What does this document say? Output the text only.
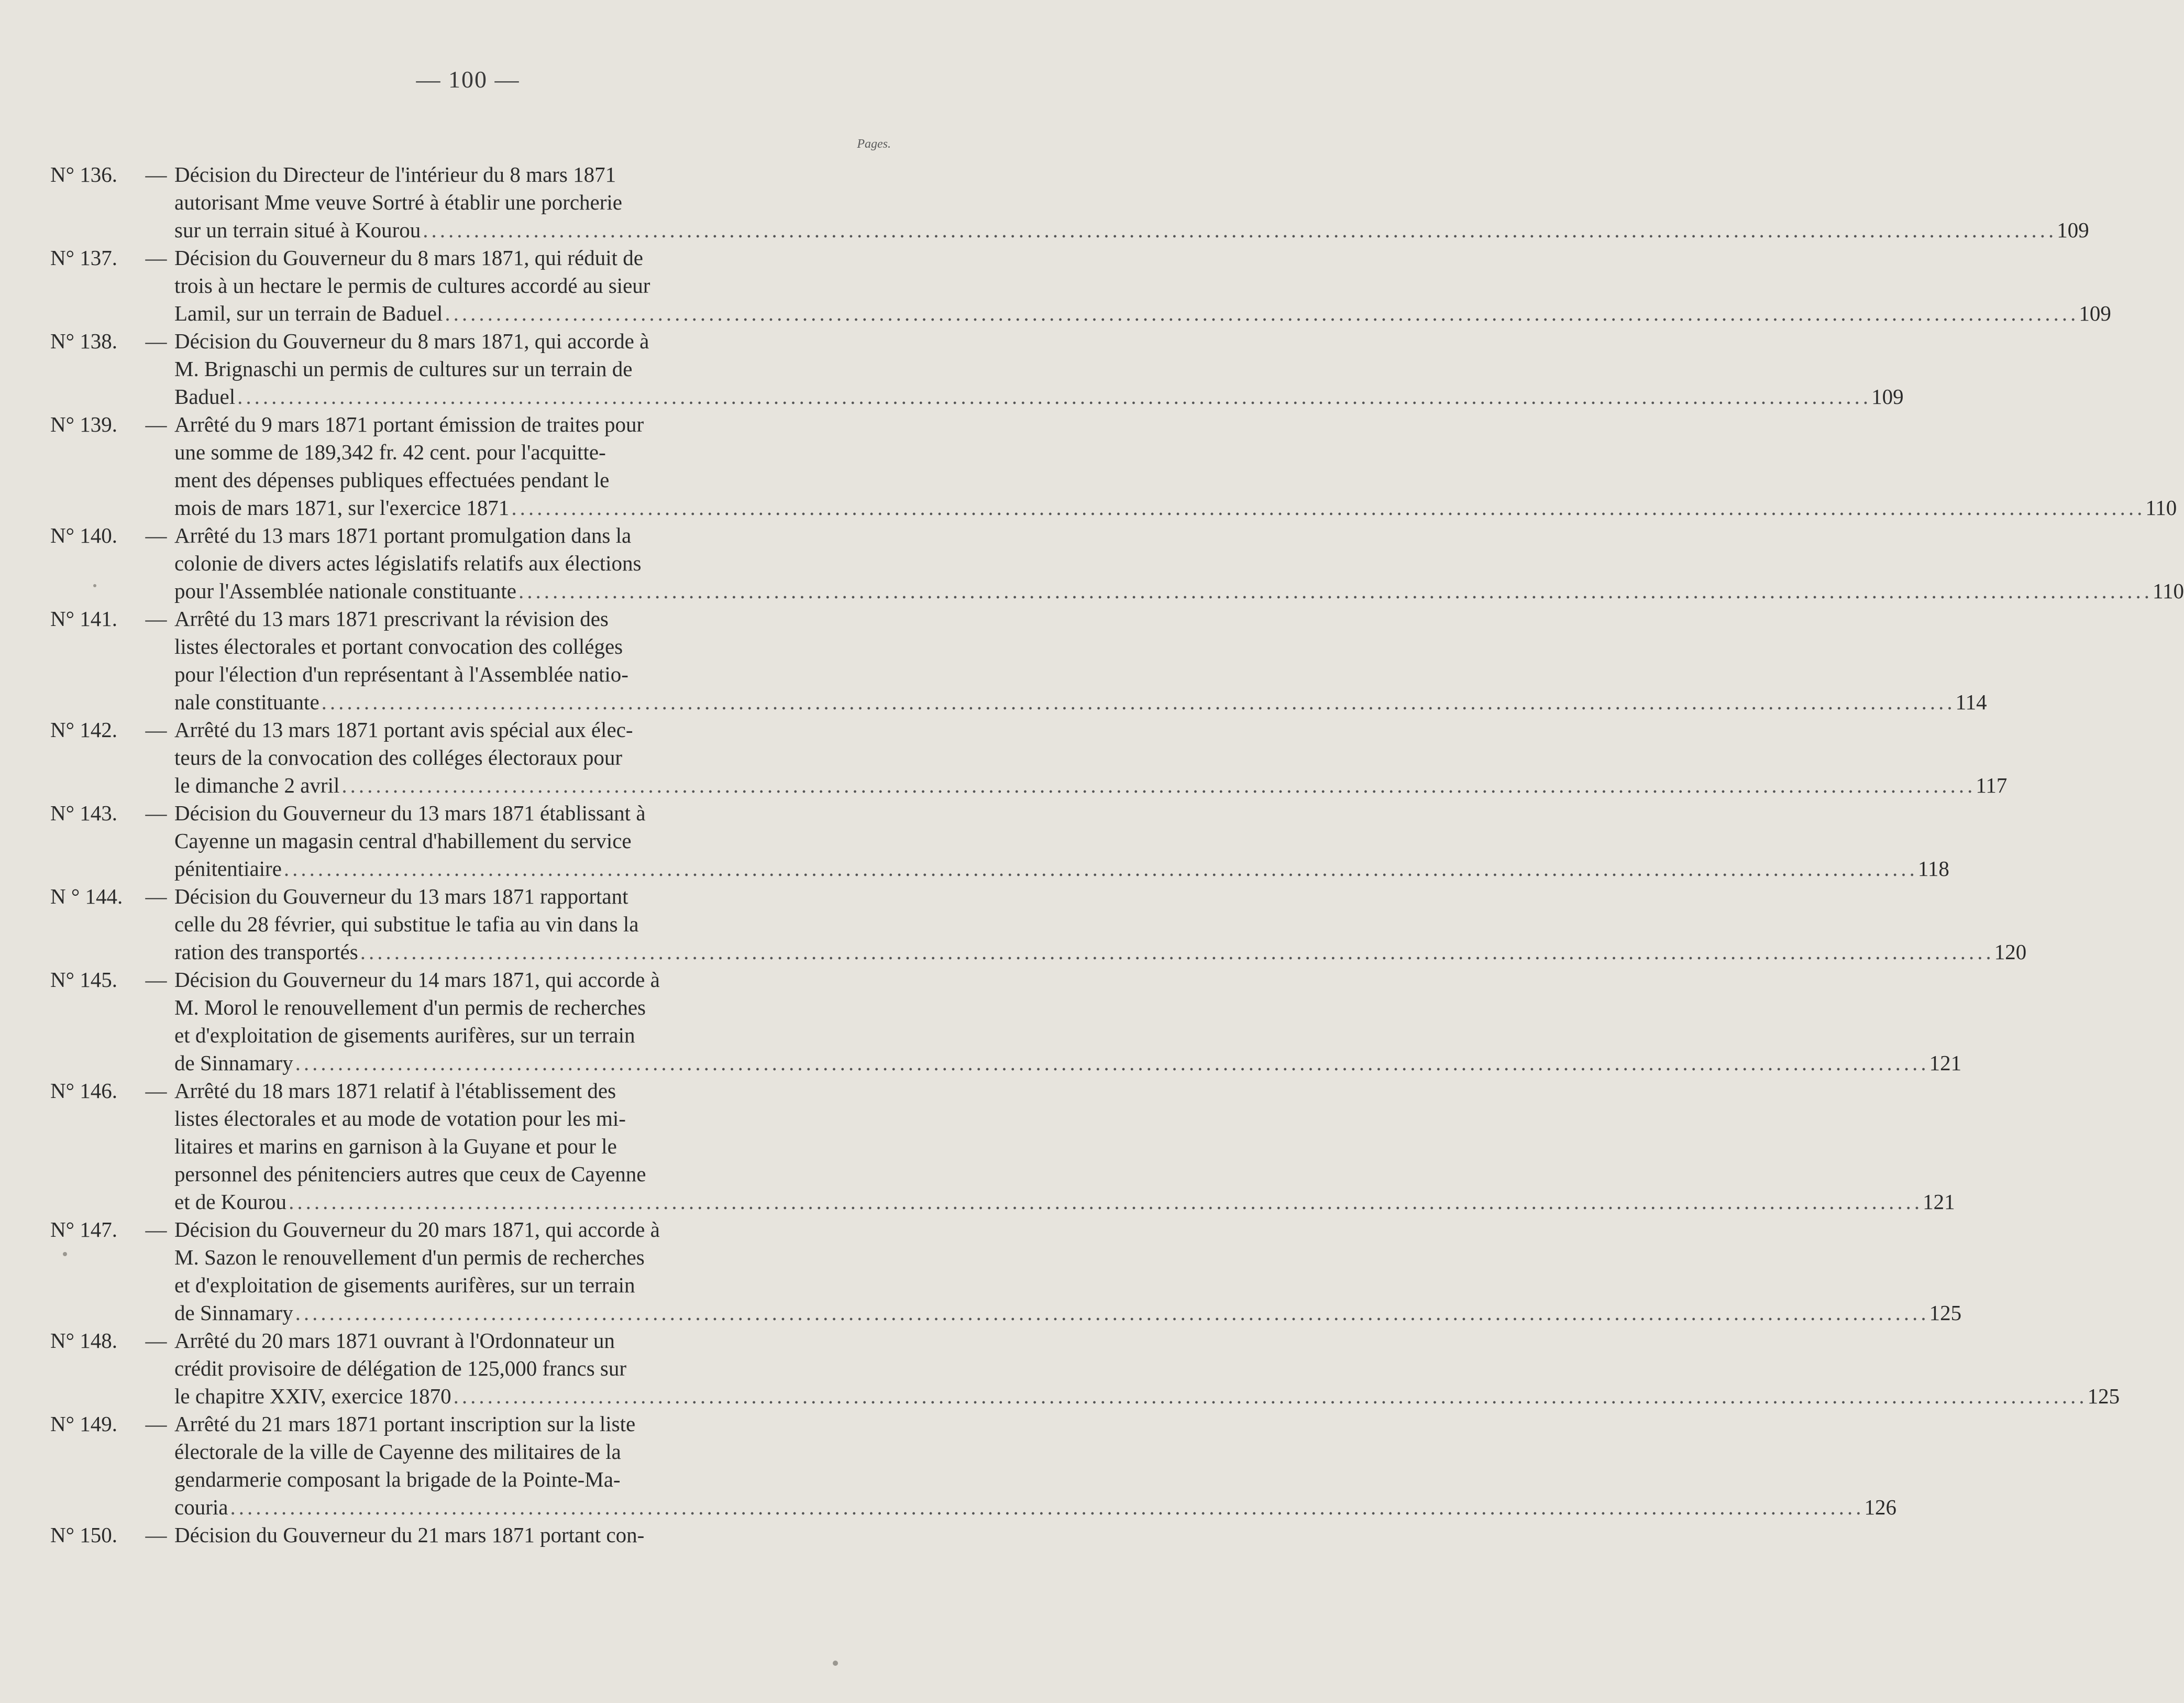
— 100 —
Pages.
N° 136.	— Décision du Directeur de l'intérieur du 8 mars 1871
autorisant Mme veuve Sortré à établir une porcherie
sur un terrain situé à Kourou .....	109
N° 137.	— Décision du Gouverneur du 8 mars 1871, qui réduit de
trois à un hectare le permis de cultures accordé au sieur
Lamil, sur un terrain de Baduel .....	109
N° 138.	— Décision du Gouverneur du 8 mars 1871, qui accorde à
M. Brignaschi un permis de cultures sur un terrain de
Baduel .....	109
N° 139.	— Arrêté du 9 mars 1871 portant émission de traites pour
une somme de 189,342 fr. 42 cent. pour l'acquitte-
ment des dépenses publiques effectuées pendant le
mois de mars 1871, sur l'exercice 1871 .....	110
N° 140.	— Arrêté du 13 mars 1871 portant promulgation dans la
colonie de divers actes législatifs relatifs aux élections
pour l'Assemblée nationale constituante .....	110
N° 141.	— Arrêté du 13 mars 1871 prescrivant la révision des
listes électorales et portant convocation des colléges
pour l'élection d'un représentant à l'Assemblée natio-
nale constituante .....	114
N° 142.	— Arrêté du 13 mars 1871 portant avis spécial aux élec-
teurs de la convocation des colléges électoraux pour
le dimanche 2 avril .....	117
N° 143.	— Décision du Gouverneur du 13 mars 1871 établissant à
Cayenne un magasin central d'habillement du service
pénitentiaire .....	118
N ° 144.	— Décision du Gouverneur du 13 mars 1871 rapportant
celle du 28 février, qui substitue le tafia au vin dans la
ration des transportés .....	120
N° 145.	— Décision du Gouverneur du 14 mars 1871, qui accorde à
M. Morol le renouvellement d'un permis de recherches
et d'exploitation de gisements aurifères, sur un terrain
de Sinnamary .....	121
N° 146.	— Arrêté du 18 mars 1871 relatif à l'établissement des
listes électorales et au mode de votation pour les mi-
litaires et marins en garnison à la Guyane et pour le
personnel des pénitenciers autres que ceux de Cayenne
et de Kourou .....	121
N° 147.	— Décision du Gouverneur du 20 mars 1871, qui accorde à
M. Sazon le renouvellement d'un permis de recherches
et d'exploitation de gisements aurifères, sur un terrain
de Sinnamary .....	125
N° 148.	— Arrêté du 20 mars 1871 ouvrant à l'Ordonnateur un
crédit provisoire de délégation de 125,000 francs sur
le chapitre XXIV, exercice 1870 .....	125
N° 149.	— Arrêté du 21 mars 1871 portant inscription sur la liste
électorale de la ville de Cayenne des militaires de la
gendarmerie composant la brigade de la Pointe-Ma-
couria .....	126
N° 150.	— Décision du Gouverneur du 21 mars 1871 portant con-
